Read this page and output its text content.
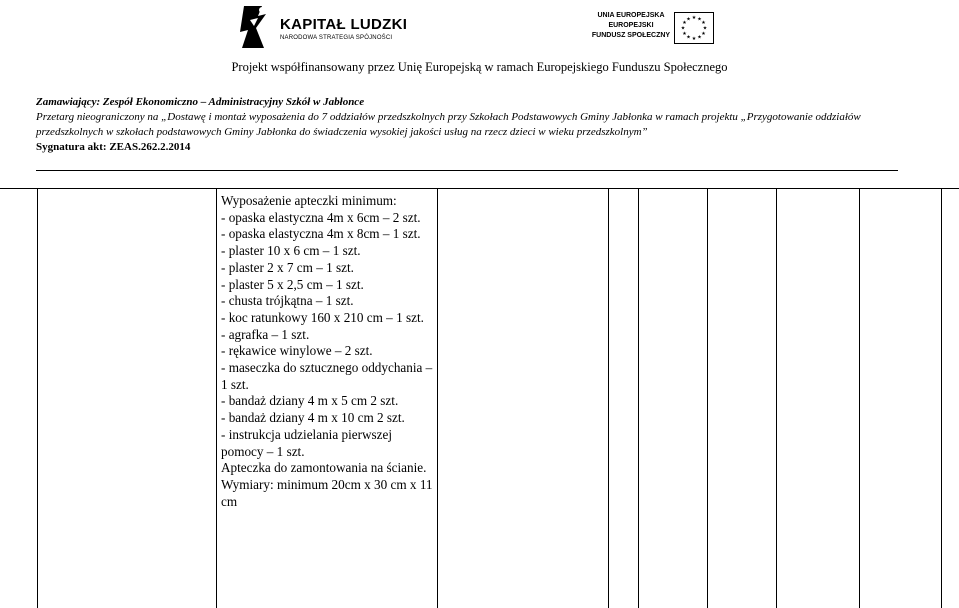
KAPITAŁ LUDZKI
NARODOWA STRATEGIA SPÓJNOŚCI
UNIA EUROPEJSKA
EUROPEJSKI
FUNDUSZ SPOŁECZNY
★ ★
★
★
★
★
★
★
★
★
★
★
Projekt współfinansowany przez Unię Europejską w ramach Europejskiego Funduszu Społecznego
Zamawiający: Zespół Ekonomiczno – Administracyjny Szkół w Jabłonce
Przetarg nieograniczony na „Dostawę i montaż wyposażenia do 7 oddziałów przedszkolnych przy Szkołach Podstawowych Gminy Jabłonka w ramach projektu „Przygotowanie oddziałów
przedszkolnych w szkołach podstawowych Gminy Jabłonka do świadczenia wysokiej jakości usług na rzecz dzieci w wieku przedszkolnym”
Sygnatura akt: ZEAS.262.2.2014
Wyposażenie apteczki minimum:
- opaska elastyczna 4m x 6cm – 2 szt.
- opaska elastyczna 4m x 8cm – 1 szt.
- plaster 10 x 6 cm – 1 szt.
- plaster 2 x 7 cm – 1 szt.
- plaster 5 x 2,5 cm – 1 szt.
- chusta trójkątna – 1 szt.
- koc ratunkowy 160 x 210 cm – 1 szt.
- agrafka – 1 szt.
- rękawice winylowe – 2 szt.
- maseczka do sztucznego oddychania – 1 szt.
- bandaż dziany 4 m x 5 cm 2 szt.
- bandaż dziany 4 m x 10 cm 2 szt.
- instrukcja udzielania pierwszej pomocy – 1 szt.
Apteczka do zamontowania na ścianie.
Wymiary: minimum 20cm x 30 cm x 11 cm
